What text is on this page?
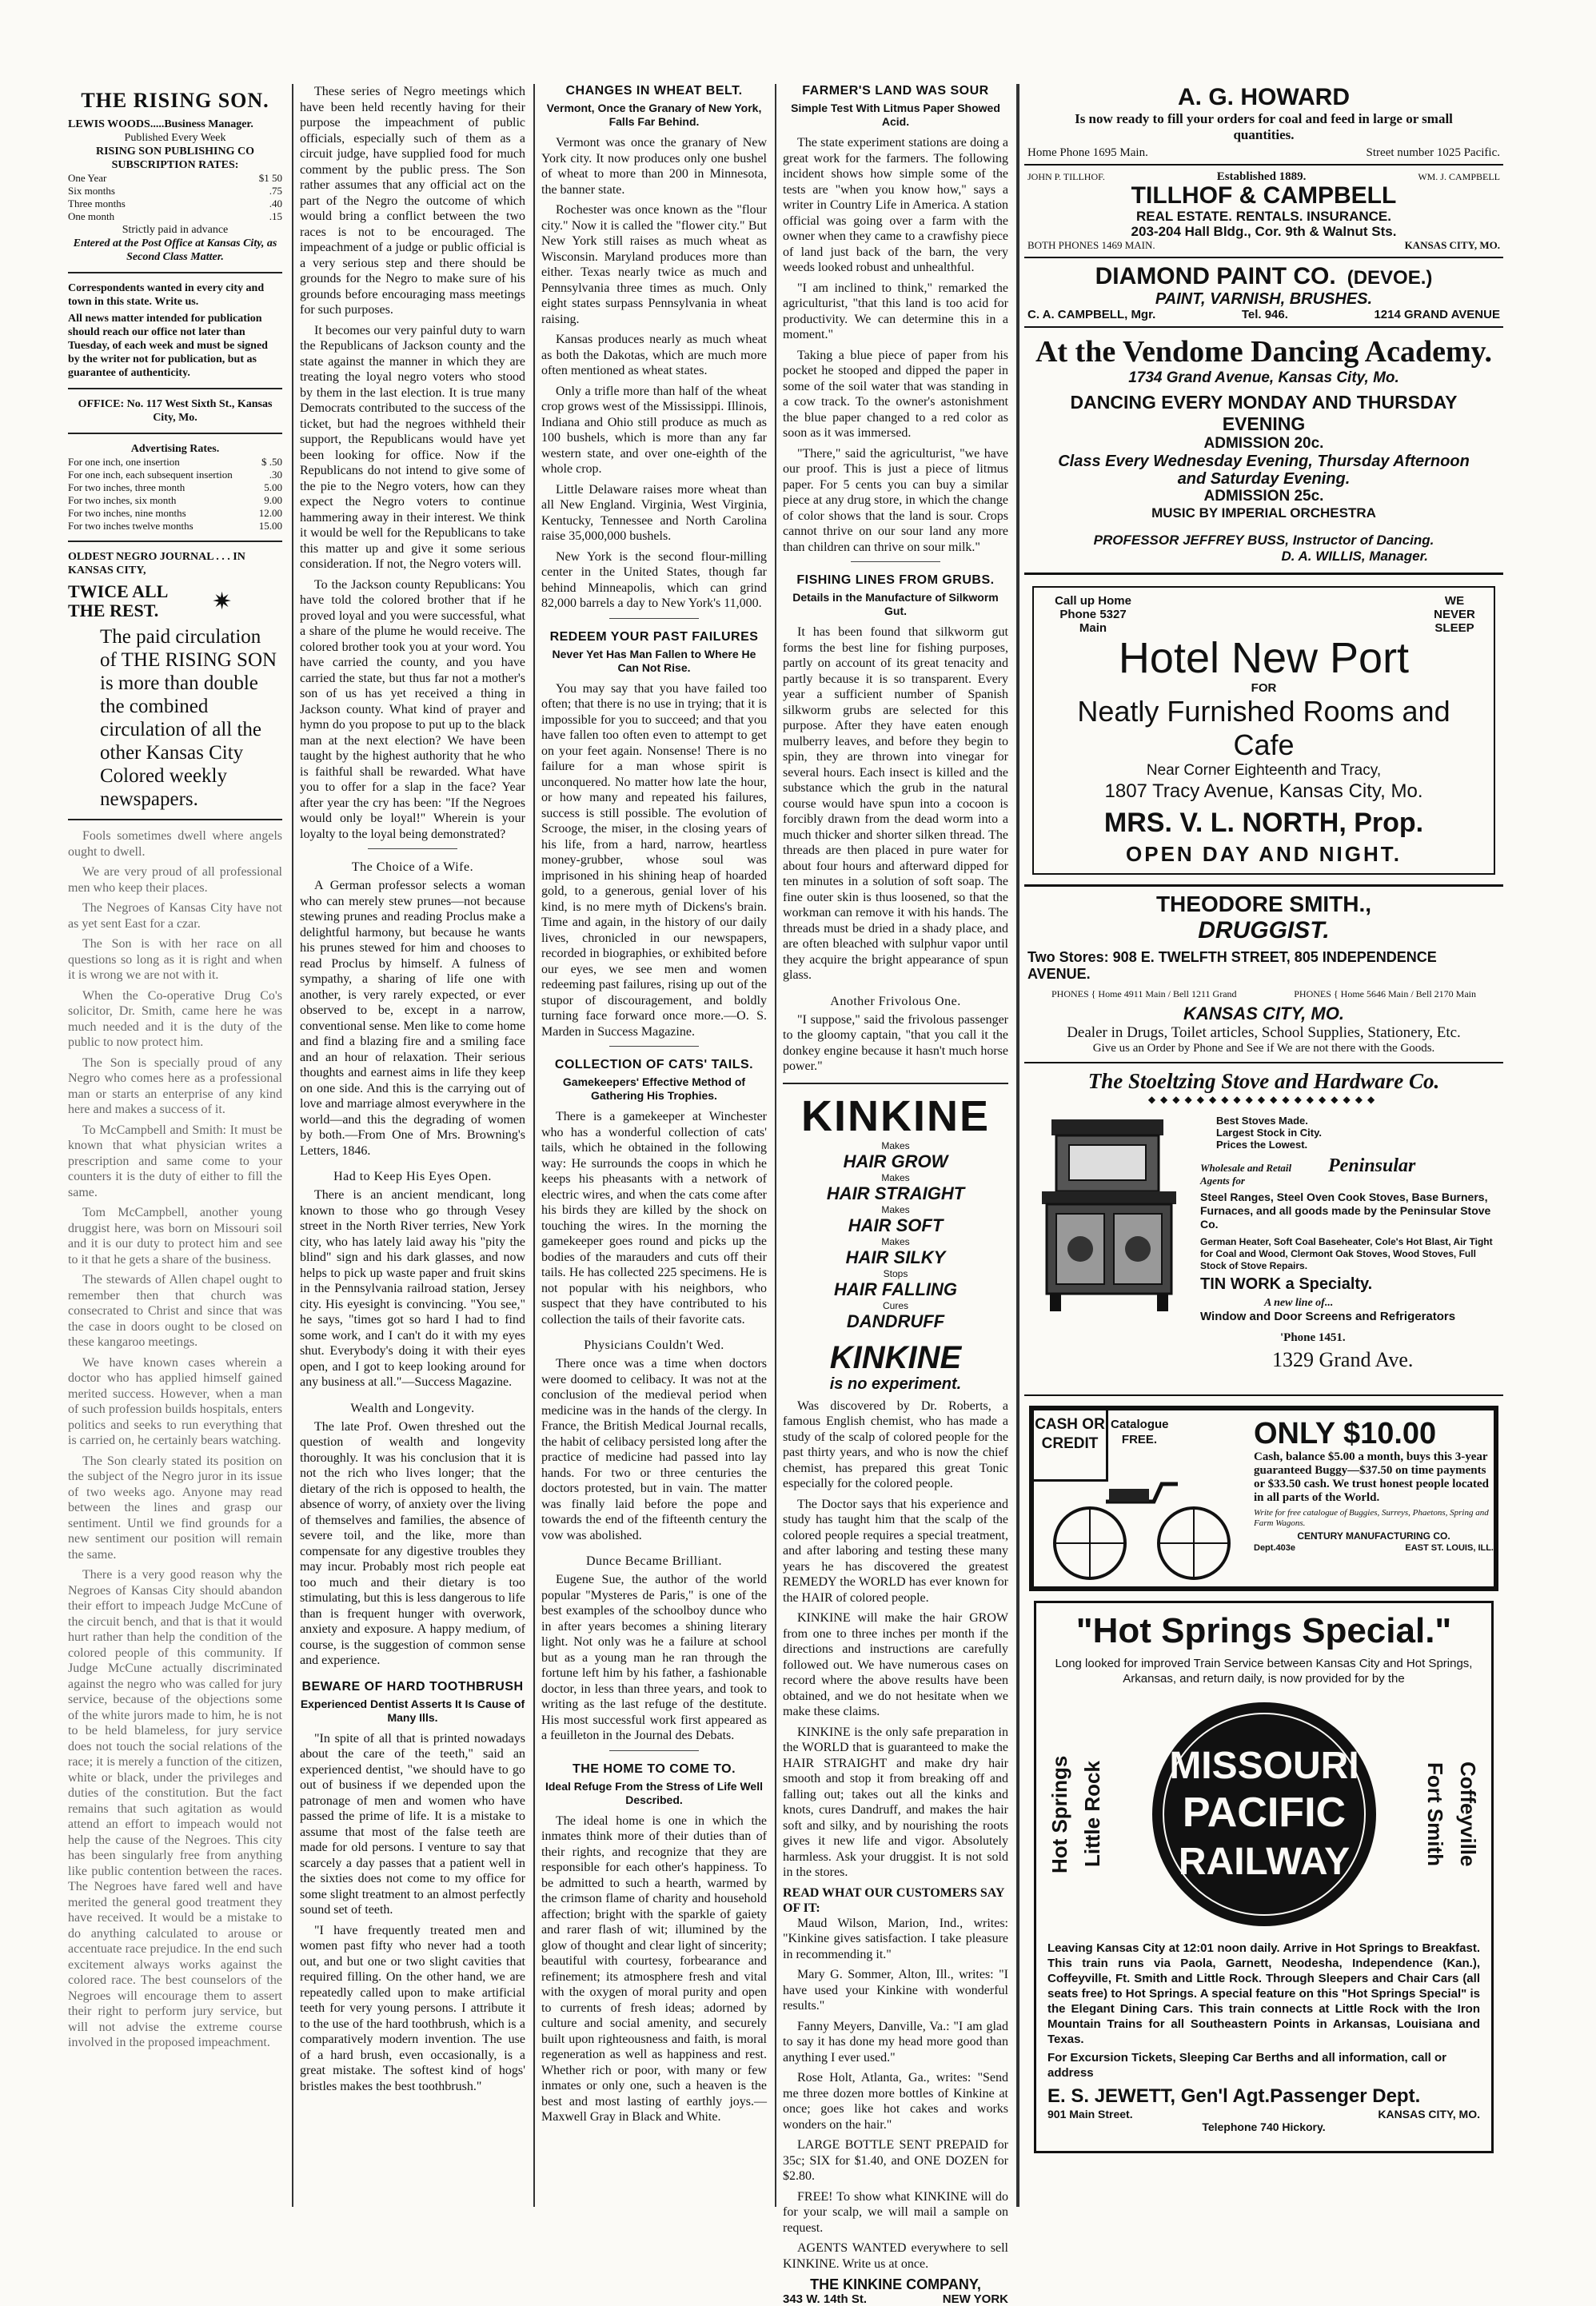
THE RISING SON.
LEWIS WOODS.....Business Manager.
Published Every Week
RISING SON PUBLISHING CO
SUBSCRIPTION RATES:
One Year	$1 50
Six months	.75
Three months	.40
One month	.15
Strictly paid in advance
Entered at the Post Office at Kansas City, as Second Class Matter.
Correspondents wanted in every city and town in this state. Write us.
All news matter intended for publication should reach our office not later than Tuesday, of each week and must be signed by the writer not for publication, but as guarantee of authenticity.
OFFICE: No. 117 West Sixth St., Kansas City, Mo.
Advertising Rates.
For one inch, one insertion	$ .50
For one inch, each subsequent insertion	.30
For two inches, three month	5.00
For two inches, six month	9.00
For two inches, nine months	12.00
For two inches twelve months	15.00
OLDEST NEGRO JOURNAL . . . IN KANSAS CITY,
TWICE ALL THE REST.	✷
The paid circulation of THE RISING SON is more than double the combined circulation of all the other Kansas City Colored weekly newspapers.

Fools sometimes dwell where angels ought to dwell.

We are very proud of all professional men who keep their places.

The Negroes of Kansas City have not as yet sent East for a czar.

The Son is with her race on all questions so long as it is right and when it is wrong we are not with it.

When the Co-operative Drug Co's solicitor, Dr. Smith, came here he was much needed and it is the duty of the public to now protect him.

The Son is specially proud of any Negro who comes here as a professional man or starts an enterprise of any kind here and makes a success of it.

To McCampbell and Smith: It must be known that what physician writes a prescription and same come to your counters it is the duty of either to fill the same.

Tom McCampbell, another young druggist here, was born on Missouri soil and it is our duty to protect him and see to it that he gets a share of the business.

The stewards of Allen chapel ought to remember then that church was consecrated to Christ and since that was the case in doors ought to be closed on these kangaroo meetings.

We have known cases wherein a doctor who has applied himself gained merited success. However, when a man of such profession builds hospitals, enters politics and seeks to run everything that is carried on, he certainly bears watching.

The Son clearly stated its position on the subject of the Negro juror in its issue of two weeks ago. Anyone may read between the lines and grasp our sentiment. Until we find grounds for a new sentiment our position will remain the same.

There is a very good reason why the Negroes of Kansas City should abandon their effort to impeach Judge McCune of the circuit bench, and that is that it would hurt rather than help the condition of the colored people of this community. If Judge McCune actually discriminated against the negro who was called for jury service, because of the objections some of the white jurors made to him, he is not to be held blameless, for jury service does not touch the social relations of the race; it is merely a function of the citizen, white or black, under the privileges and duties of the constitution. But the fact remains that such agitation as would attend an effort to impeach would not help the cause of the Negroes. This city has been singularly free from anything like public contention between the races. The Negroes have fared well and have merited the general good treatment they have received. It would be a mistake to do anything calculated to arouse or accentuate race prejudice. In the end such excitement always works against the colored race. The best counselors of the Negroes will encourage them to assert their right to perform jury service, but will not advise the extreme course involved in the proposed impeachment.

These series of Negro meetings which have been held recently having for their purpose the impeachment of public officials, especially such of them as a circuit judge, have supplied food for much comment by the public press. The Son rather assumes that any official act on the part of the Negro the outcome of which would bring a conflict between the two races is not to be encouraged. The impeachment of a judge or public official is a very serious step and there should be grounds for the Negro to make sure of his grounds before encouraging mass meetings for such purposes.

It becomes our very painful duty to warn the Republicans of Jackson county and the state against the manner in which they are treating the loyal negro voters who stood by them in the last election. It is true many Democrats contributed to the success of the ticket, but had the negroes withheld their support, the Republicans would have yet been looking for office. Now if the Republicans do not intend to give some of the pie to the Negro voters, how can they expect the Negro voters to continue hammering away in their interest. We think it would be well for the Republicans to take this matter up and give it some serious consideration. If not, the Negro voters will.

To the Jackson county Republicans: You have told the colored brother that if he proved loyal and you were successful, what a share of the plume he would receive. The colored brother took you at your word. You have carried the county, and you have carried the state, but thus far not a mother's son of us has yet received a thing in Jackson county. What kind of prayer and hymn do you propose to put up to the black man at the next election? We have been taught by the highest authority that he who is faithful shall be rewarded. What have you to offer for a slap in the face? Year after year the cry has been: "If the Negroes would only be loyal!" Wherein is your loyalty to the loyal being demonstrated?

The Choice of a Wife.

A German professor selects a woman who can merely stew prunes—not because stewing prunes and reading Proclus make a delightful harmony, but because he wants his prunes stewed for him and chooses to read Proclus by himself. A fulness of sympathy, a sharing of life one with another, is very rarely expected, or ever observed to be, except in a narrow, conventional sense. Men like to come home and find a blazing fire and a smiling face and an hour of relaxation. Their serious thoughts and earnest aims in life they keep on one side. And this is the carrying out of love and marriage almost everywhere in the world—and this the degrading of women by both.—From One of Mrs. Browning's Letters, 1846.

Had to Keep His Eyes Open.

There is an ancient mendicant, long known to those who go through Vesey street in the North River terries, New York city, who has lately laid away his "pity the blind" sign and his dark glasses, and now helps to pick up waste paper and fruit skins in the Pennsylvania railroad station, Jersey city. His eyesight is convincing. "You see," he says, "times got so hard I had to find some work, and I can't do it with my eyes shut. Everybody's doing it with their eyes open, and I got to keep looking around for any business at all."—Success Magazine.

Wealth and Longevity.

The late Prof. Owen threshed out the question of wealth and longevity thoroughly. It was his conclusion that it is not the rich who lives longer; that the dietary of the rich is opposed to health, the absence of worry, of anxiety over the living of themselves and families, the absence of severe toil, and the like, more than compensate for any digestive troubles they may incur. Probably most rich people eat too much and their dietary is too stimulating, but this is less dangerous to life than is frequent hunger with overwork, anxiety and exposure. A happy medium, of course, is the suggestion of common sense and experience.

BEWARE OF HARD TOOTHBRUSH
Experienced Dentist Asserts It Is Cause of Many Ills.

"In spite of all that is printed nowadays about the care of the teeth," said an experienced dentist, "we should have to go out of business if we depended upon the patronage of men and women who have passed the prime of life. It is a mistake to assume that most of the false teeth are made for old persons. I venture to say that scarcely a day passes that a patient well in the sixties does not come to my office for some slight treatment to an almost perfectly sound set of teeth.

"I have frequently treated men and women past fifty who never had a tooth out, and but one or two slight cavities that required filling. On the other hand, we are repeatedly called upon to make artificial teeth for very young persons. I attribute it to the use of the hard toothbrush, which is a comparatively modern invention. The use of a hard brush, even occasionally, is a great mistake. The softest kind of hogs' bristles makes the best toothbrush."

CHANGES IN WHEAT BELT.
Vermont, Once the Granary of New York, Falls Far Behind.

Vermont was once the granary of New York city. It now produces only one bushel of wheat to more than 200 in Minnesota, the banner state.

Rochester was once known as the "flour city." Now it is called the "flower city." But New York still raises as much wheat as Wisconsin. Maryland produces more than either. Texas nearly twice as much and Pennsylvania three times as much. Only eight states surpass Pennsylvania in wheat raising.

Kansas produces nearly as much wheat as both the Dakotas, which are much more often mentioned as wheat states.

Only a trifle more than half of the wheat crop grows west of the Mississippi. Illinois, Indiana and Ohio still produce as much as 100 bushels, which is more than any far western state, and over one-eighth of the whole crop.

Little Delaware raises more wheat than all New England. Virginia, West Virginia, Kentucky, Tennessee and North Carolina raise 35,000,000 bushels.

New York is the second flour-milling center in the United States, though far behind Minneapolis, which can grind 82,000 barrels a day to New York's 11,000.

REDEEM YOUR PAST FAILURES
Never Yet Has Man Fallen to Where He Can Not Rise.

You may say that you have failed too often; that there is no use in trying; that it is impossible for you to succeed; and that you have fallen too often even to attempt to get on your feet again. Nonsense! There is no failure for a man whose spirit is unconquered. No matter how late the hour, or how many and repeated his failures, success is still possible. The evolution of Scrooge, the miser, in the closing years of his life, from a hard, narrow, heartless money-grubber, whose soul was imprisoned in his shining heap of hoarded gold, to a generous, genial lover of his kind, is no mere myth of Dickens's brain. Time and again, in the history of our daily lives, chronicled in our newspapers, recorded in biographies, or exhibited before our eyes, we see men and women redeeming past failures, rising up out of the stupor of discouragement, and boldly turning face forward once more.—O. S. Marden in Success Magazine.

COLLECTION OF CATS' TAILS.
Gamekeepers' Effective Method of Gathering His Trophies.

There is a gamekeeper at Winchester who has a wonderful collection of cats' tails, which he obtained in the following way: He surrounds the coops in which he keeps his pheasants with a network of electric wires, and when the cats come after his birds they are killed by the shock on touching the wires. In the morning the gamekeeper goes round and picks up the bodies of the marauders and cuts off their tails. He has collected 225 specimens. He is not popular with his neighbors, who suspect that they have contributed to his collection the tails of their favorite cats.

Physicians Couldn't Wed.

There once was a time when doctors were doomed to celibacy. It was not at the conclusion of the medieval period when medicine was in the hands of the clergy. In France, the British Medical Journal recalls, the habit of celibacy persisted long after the practice of medicine had passed into lay hands. For two or three centuries the doctors protested, but in vain. The matter was finally laid before the pope and towards the end of the fifteenth century the vow was abolished.

Dunce Became Brilliant.

Eugene Sue, the author of the world popular "Mysteres de Paris," is one of the best examples of the schoolboy dunce who in after years becomes a shining literary light. Not only was he a failure at school but as a young man he ran through the fortune left him by his father, a fashionable doctor, in less than three years, and took to writing as the last refuge of the destitute. His most successful work first appeared as a feuilleton in the Journal des Debats.

THE HOME TO COME TO.
Ideal Refuge From the Stress of Life Well Described.

The ideal home is one in which the inmates think more of their duties than of their rights, and recognize that they are responsible for each other's happiness. To be admitted to such a hearth, warmed by the crimson flame of charity and household affection; bright with the sparkle of gaiety and rarer flash of wit; illumined by the glow of thought and clear light of sincerity; beautiful with courtesy, forbearance and refinement; its atmosphere fresh and vital with the oxygen of moral purity and open to currents of fresh ideas; adorned by culture and social amenity, and securely built upon righteousness and faith, is moral regeneration as well as happiness and rest. Whether rich or poor, with many or few inmates or only one, such a heaven is the best and most lasting of earthly joys.—Maxwell Gray in Black and White.

FARMER'S LAND WAS SOUR
Simple Test With Litmus Paper Showed Acid.

The state experiment stations are doing a great work for the farmers. The following incident shows how simple some of the tests are "when you know how," says a writer in Country Life in America. A station official was going over a farm with the owner when they came to a crawfishy piece of land just back of the barn, the very weeds looked robust and unhealthful.

"I am inclined to think," remarked the agriculturist, "that this land is too acid for productivity. We can determine this in a moment."

Taking a blue piece of paper from his pocket he stooped and dipped the paper in some of the soil water that was standing in a cow track. To the owner's astonishment the blue paper changed to a red color as soon as it was immersed.

"There," said the agriculturist, "we have our proof. This is just a piece of litmus paper. For 5 cents you can buy a similar piece at any drug store, in which the change of color shows that the land is sour. Crops cannot thrive on our sour land any more than children can thrive on sour milk."

FISHING LINES FROM GRUBS.
Details in the Manufacture of Silkworm Gut.

It has been found that silkworm gut forms the best line for fishing purposes, partly on account of its great tenacity and partly because it is so transparent. Every year a sufficient number of Spanish silkworm grubs are selected for this purpose. After they have eaten enough mulberry leaves, and before they begin to spin, they are thrown into vinegar for several hours. Each insect is killed and the substance which the grub in the natural course would have spun into a cocoon is forcibly drawn from the dead worm into a much thicker and shorter silken thread. The threads are then placed in pure water for about four hours and afterward dipped for ten minutes in a solution of soft soap. The fine outer skin is thus loosened, so that the workman can remove it with his hands. The threads must be dried in a shady place, and are often bleached with sulphur vapor until they acquire the bright appearance of spun glass.

Another Frivolous One.

"I suppose," said the frivolous passenger to the gloomy captain, "that you call it the donkey engine because it hasn't much horse power."

KINKINE
Makes
HAIR GROW
Makes
HAIR STRAIGHT
Makes
HAIR SOFT
Makes
HAIR SILKY
Stops
HAIR FALLING
Cures
DANDRUFF
KINKINE
is no experiment.

Was discovered by Dr. Roberts, a famous English chemist, who has made a study of the scalp of colored people for the past thirty years, and who is now the chief chemist, has prepared this great Tonic especially for the colored people.

The Doctor says that his experience and study has taught him that the scalp of the colored people requires a special treatment, and after laboring and testing these many years he has discovered the greatest REMEDY the WORLD has ever known for the HAIR of colored people.

KINKINE will make the hair GROW from one to three inches per month if the directions and instructions are carefully followed out. We have numerous cases on record where the above results have been obtained, and we do not hesitate when we make these claims.

KINKINE is the only safe preparation in the WORLD that is guaranteed to make the HAIR STRAIGHT and make dry hair smooth and stop it from breaking off and falling out; takes out all the kinks and knots, cures Dandruff, and makes the hair soft and silky, and by nourishing the roots gives it new life and vigor. Absolutely harmless. Ask your druggist. It is not sold in the stores.

READ WHAT OUR CUSTOMERS SAY OF IT:

Maud Wilson, Marion, Ind., writes: "Kinkine gives satisfaction. I take pleasure in recommending it."

Mary G. Sommer, Alton, Ill., writes: "I have used your Kinkine with wonderful results."

Fanny Meyers, Danville, Va.: "I am glad to say it has done my head more good than anything I ever used."

Rose Holt, Atlanta, Ga., writes: "Send me three dozen more bottles of Kinkine at once; goes like hot cakes and works wonders on the hair."

LARGE BOTTLE SENT PREPAID for 35c; SIX for $1.40, and ONE DOZEN for $2.80.

FREE! To show what KINKINE will do for your scalp, we will mail a sample on request.

AGENTS WANTED everywhere to sell KINKINE. Write us at once.

THE KINKINE COMPANY,
343 W. 14th St.	NEW YORK
A. G. HOWARD
Is now ready to fill your orders for coal and feed in large or small quantities.
Home Phone 1695 Main.	Street number 1025 Pacific.
JOHN P. TILLHOF.	Established 1889.	WM. J. CAMPBELL
TILLHOF & CAMPBELL
REAL ESTATE. RENTALS. INSURANCE.
203-204 Hall Bldg., Cor. 9th & Walnut Sts.
BOTH PHONES 1469 MAIN.	KANSAS CITY, MO.
DIAMOND PAINT CO. (DEVOE.)
PAINT, VARNISH, BRUSHES.
C. A. CAMPBELL, Mgr.	Tel. 946.	1214 GRAND AVENUE
At the Vendome Dancing Academy.
1734 Grand Avenue, Kansas City, Mo.
DANCING EVERY MONDAY AND THURSDAY EVENING
ADMISSION 20c.
Class Every Wednesday Evening, Thursday Afternoon and Saturday Evening.
ADMISSION 25c.
MUSIC BY IMPERIAL ORCHESTRA
PROFESSOR JEFFREY BUSS, Instructor of Dancing.
D. A. WILLIS, Manager.
Call up Home Phone 5327 Main
WE NEVER SLEEP
Hotel New Port
FOR
Neatly Furnished Rooms and Cafe
Near Corner Eighteenth and Tracy,
1807 Tracy Avenue, Kansas City, Mo.
MRS. V. L. NORTH, Prop.
OPEN DAY AND NIGHT.
THEODORE SMITH.,
DRUGGIST.
Two Stores: 908 E. TWELFTH STREET, 805 INDEPENDENCE AVENUE.
PHONES { Home 4911 Main / Bell 1211 Grand	PHONES { Home 5646 Main / Bell 2170 Main
KANSAS CITY, MO.
Dealer in Drugs, Toilet articles, School Supplies, Stationery, Etc.
Give us an Order by Phone and See if We are not there with the Goods.
The Stoeltzing Stove and Hardware Co.
◆◆◆◆◆◆◆◆◆◆◆◆◆◆◆◆◆◆◆
Best Stoves Made.
Largest Stock in City.
Prices the Lowest.
Wholesale and Retail Agents for
Peninsular
Steel Ranges, Steel Oven Cook Stoves, Base Burners, Furnaces, and all goods made by the Peninsular Stove Co.
German Heater, Soft Coal Baseheater, Cole's Hot Blast, Air Tight for Coal and Wood, Clermont Oak Stoves, Wood Stoves, Full Stock of Stove Repairs.
TIN WORK a Specialty.
A new line of...
Window and Door Screens and Refrigerators
'Phone 1451.
1329 Grand Ave.
CASH OR CREDIT
Catalogue FREE.	ONLY $10.00
Cash, balance $5.00 a month, buys this 3-year guaranteed Buggy—$37.50 on time payments or $33.50 cash. We trust honest people located in all parts of the World.
Write for free catalogue of Buggies, Surreys, Phaetons, Spring and Farm Wagons.
CENTURY MANUFACTURING CO.
Dept.403e	EAST ST. LOUIS, ILL.
"Hot Springs Special."
Long looked for improved Train Service between Kansas City and Hot Springs, Arkansas, and return daily, is now provided for by the
Hot Springs Little Rock MISSOURI
PACIFIC
RAILWAY	Fort Smith Coffeyville
Leaving Kansas City at 12:01 noon daily. Arrive in Hot Springs to Breakfast. This train runs via Paola, Garnett, Neodesha, Independence (Kan.), Coffeyville, Ft. Smith and Little Rock. Through Sleepers and Chair Cars (all seats free) to Hot Springs. A special feature on this "Hot Springs Special" is the Elegant Dining Cars. This train connects at Little Rock with the Iron Mountain Trains for all Southeastern Points in Arkansas, Louisiana and Texas.
For Excursion Tickets, Sleeping Car Berths and all information, call or address
E. S. JEWETT, Gen'l Agt.Passenger Dept.
901 Main Street.	KANSAS CITY, MO.
Telephone 740 Hickory.
